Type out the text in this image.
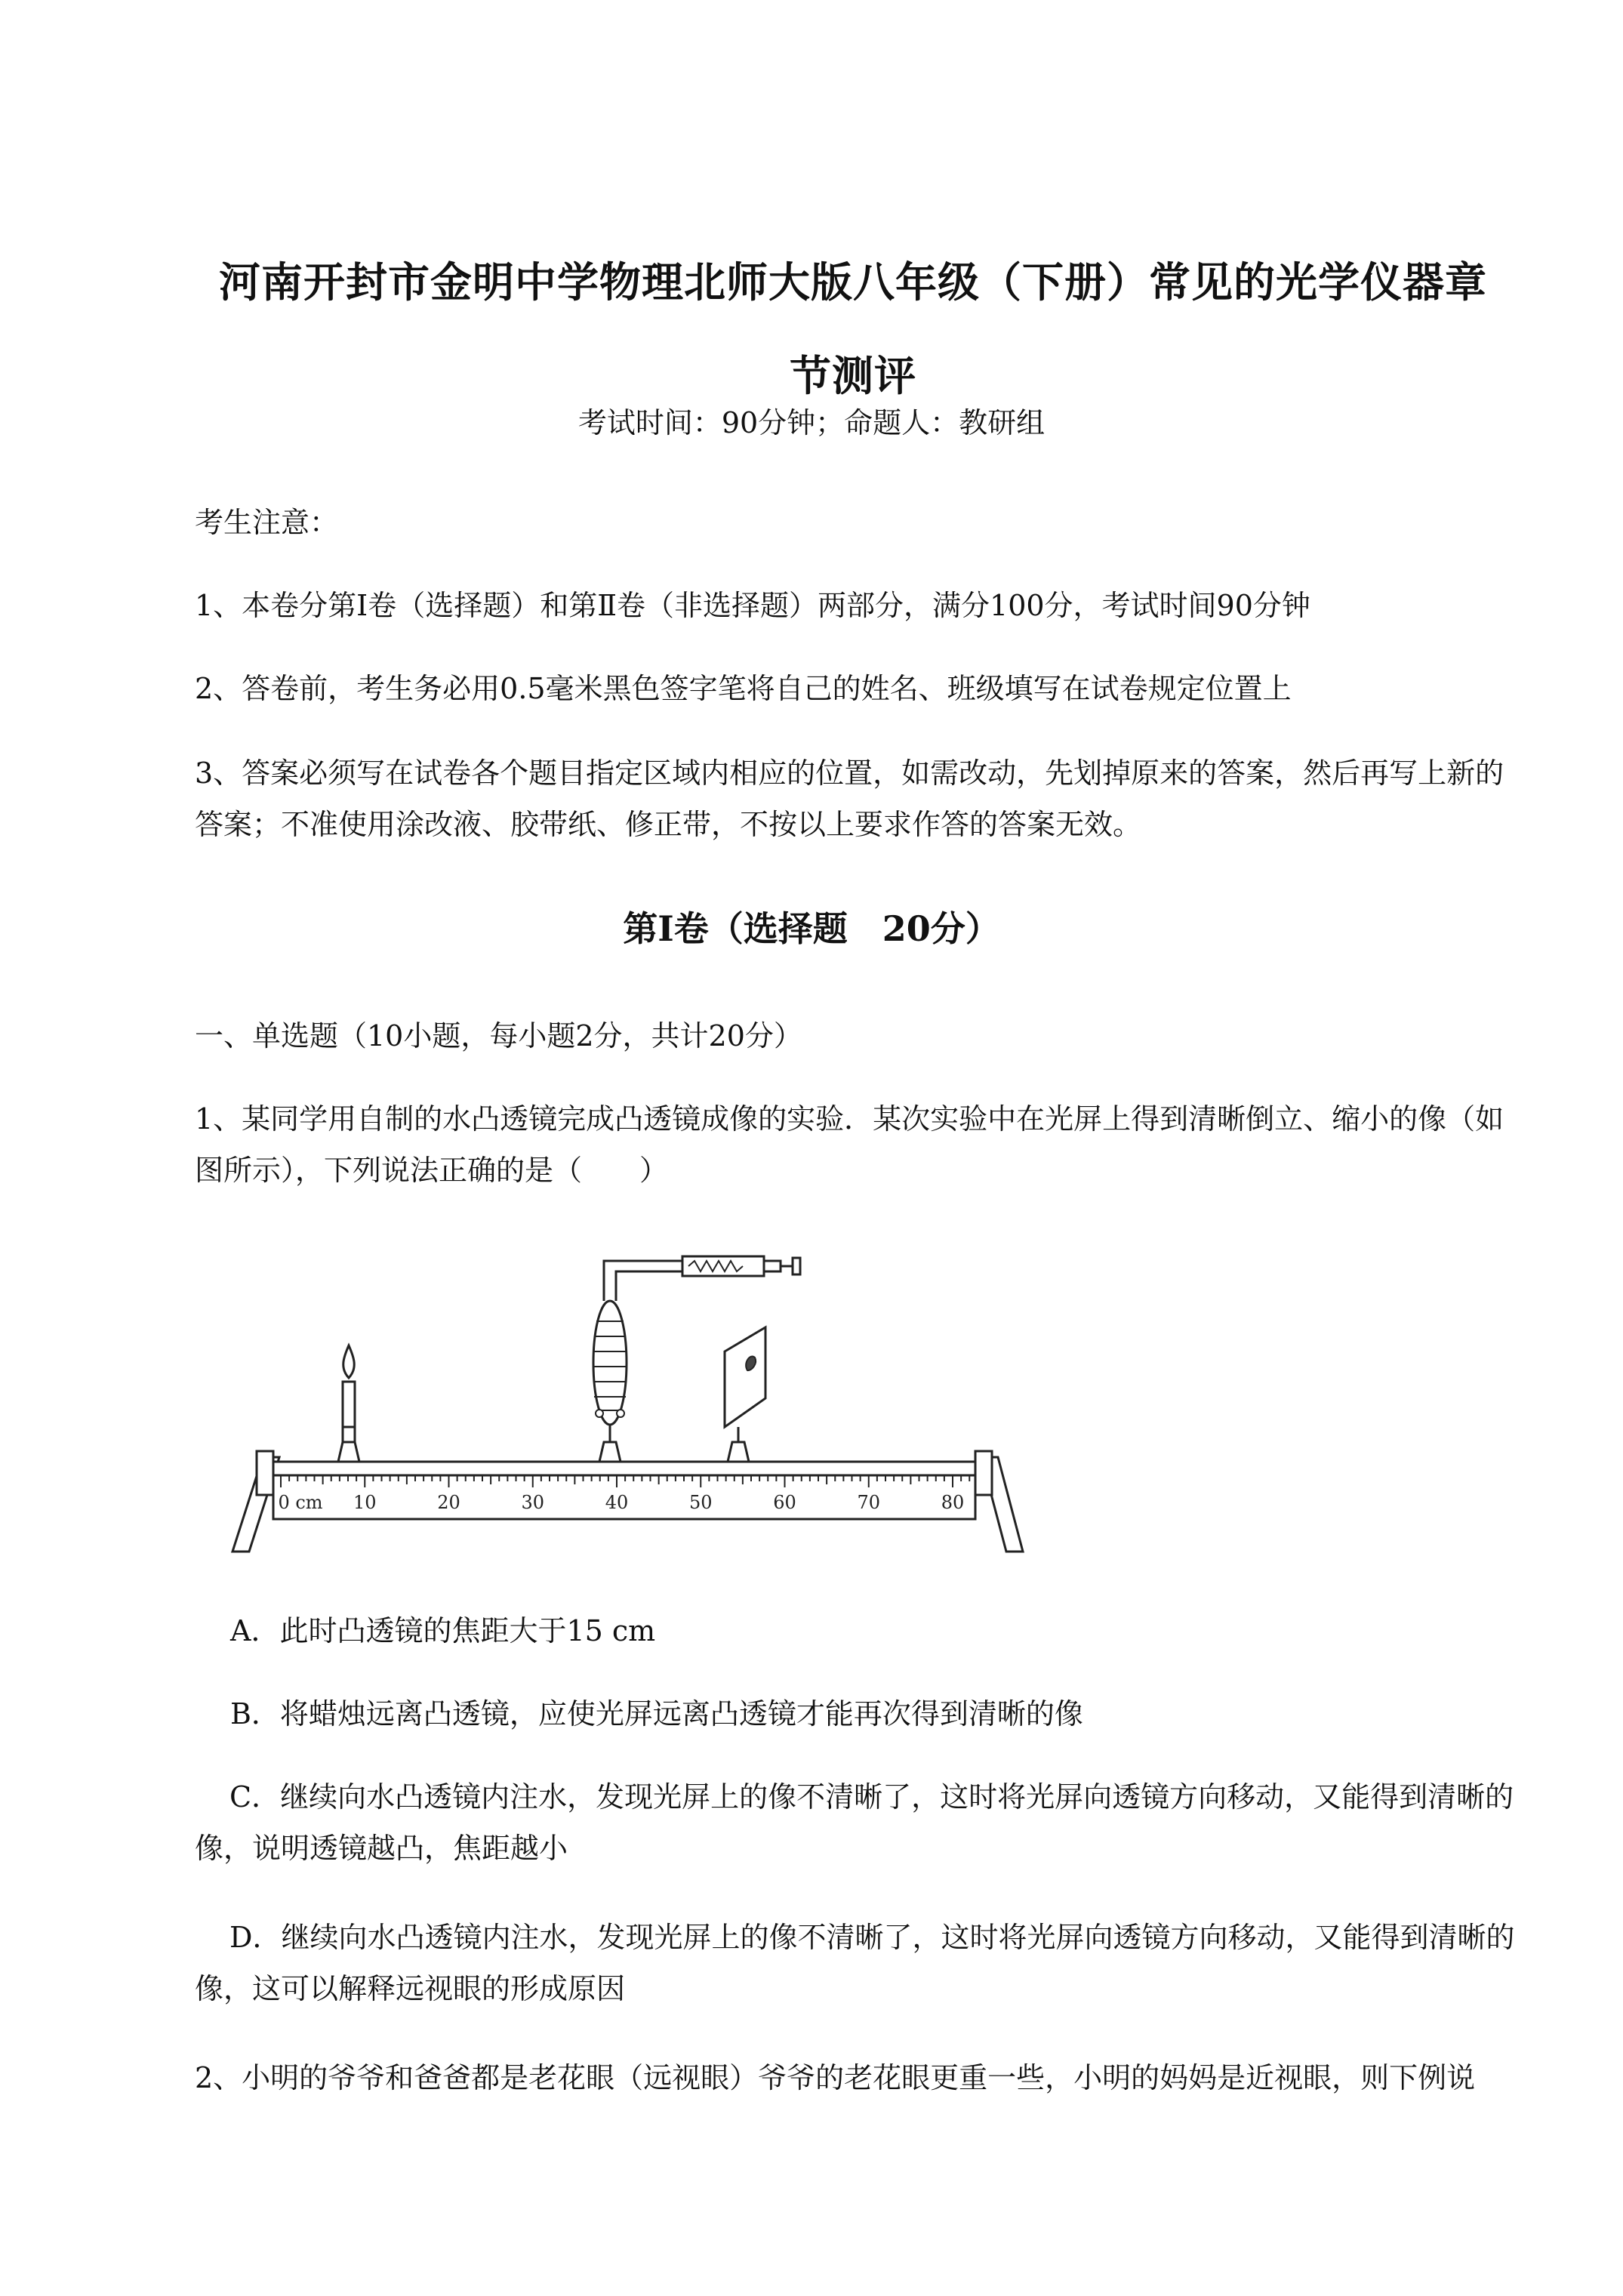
河南开封市金明中学物理北师大版八年级（下册）常见的光学仪器章
节测评
考试时间：90分钟；命题人：教研组
考生注意：
1、本卷分第Ⅰ卷（选择题）和第Ⅱ卷（非选择题）两部分，满分100分，考试时间90分钟
2、答卷前，考生务必用0.5毫米黑色签字笔将自己的姓名、班级填写在试卷规定位置上
3、答案必须写在试卷各个题目指定区域内相应的位置，如需改动，先划掉原来的答案，然后再写上新的答案；不准使用涂改液、胶带纸、修正带，不按以上要求作答的答案无效。
第Ⅰ卷（选择题　20分）
一、单选题（10小题，每小题2分，共计20分）
1、某同学用自制的水凸透镜完成凸透镜成像的实验．某次实验中在光屏上得到清晰倒立、缩小的像（如图所示），下列说法正确的是（　　）
0 cm 10	20	30	40	50	60	70	80
A．此时凸透镜的焦距大于15 cm
B．将蜡烛远离凸透镜，应使光屏远离凸透镜才能再次得到清晰的像
C．继续向水凸透镜内注水，发现光屏上的像不清晰了，这时将光屏向透镜方向移动，又能得到清晰的像，说明透镜越凸，焦距越小
D．继续向水凸透镜内注水，发现光屏上的像不清晰了，这时将光屏向透镜方向移动，又能得到清晰的像，这可以解释远视眼的形成原因
2、小明的爷爷和爸爸都是老花眼（远视眼）爷爷的老花眼更重一些，小明的妈妈是近视眼，则下例说
